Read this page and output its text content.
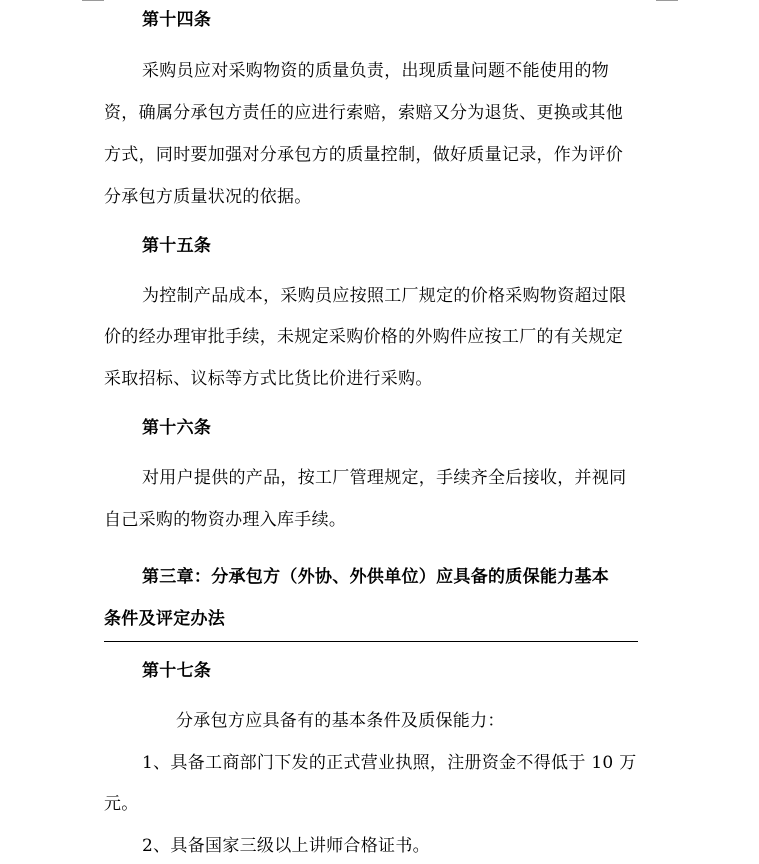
第十四条
采购员应对采购物资的质量负责，出现质量问题不能使用的物
资，确属分承包方责任的应进行索赔，索赔又分为退货、更换或其他
方式，同时要加强对分承包方的质量控制，做好质量记录，作为评价
分承包方质量状况的依据。
第十五条
为控制产品成本，采购员应按照工厂规定的价格采购物资超过限
价的经办理审批手续，未规定采购价格的外购件应按工厂的有关规定
采取招标、议标等方式比货比价进行采购。
第十六条
对用户提供的产品，按工厂管理规定，手续齐全后接收，并视同
自己采购的物资办理入库手续。
第三章：分承包方（外协、外供单位）应具备的质保能力基本
条件及评定办法
第十七条
分承包方应具备有的基本条件及质保能力：
1、具备工商部门下发的正式营业执照，注册资金不得低于 10 万
元。
2、具备国家三级以上讲师合格证书。
